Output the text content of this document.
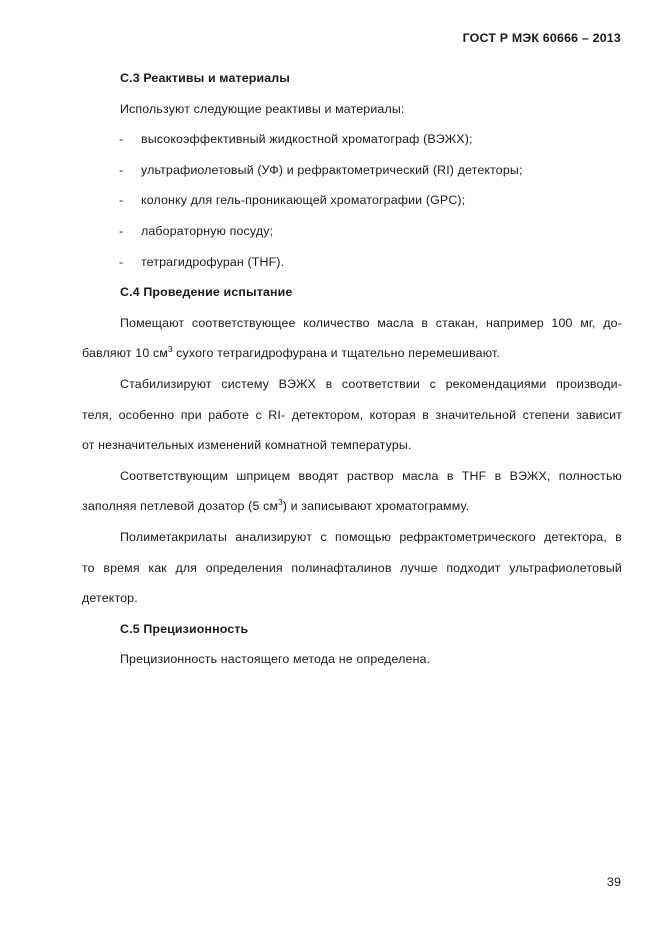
ГОСТ Р МЭК 60666 – 2013
С.3 Реактивы и материалы
Используют следующие реактивы и материалы:
- высокоэффективный жидкостной хроматограф (ВЭЖХ);
- ультрафиолетовый (УФ) и рефрактометрический (RI) детекторы;
- колонку для гель-проникающей хроматографии (GPC);
- лабораторную посуду;
- тетрагидрофуран (THF).
С.4 Проведение испытание
Помещают соответствующее количество масла в стакан, например 100 мг, до-
бавляют 10 $см^3$ сухого тетрагидрофурана и тщательно перемешивают.
Стабилизируют систему ВЭЖХ в соответствии с рекомендациями производи-
теля, особенно при работе с RI- детектором, которая в значительной степени зависит
от незначительных изменений комнатной температуры.
Соответствующим шприцем вводят раствор масла в THF в ВЭЖХ, полностью
заполняя петлевой дозатор (5 $см^3$) и записывают хроматограмму.
Полиметакрилаты анализируют с помощью рефрактометрического детектора, в
то время как для определения полинафталинов лучше подходит ультрафиолетовый
детектор.
С.5 Прецизионность
Прецизионность настоящего метода не определена.
39
